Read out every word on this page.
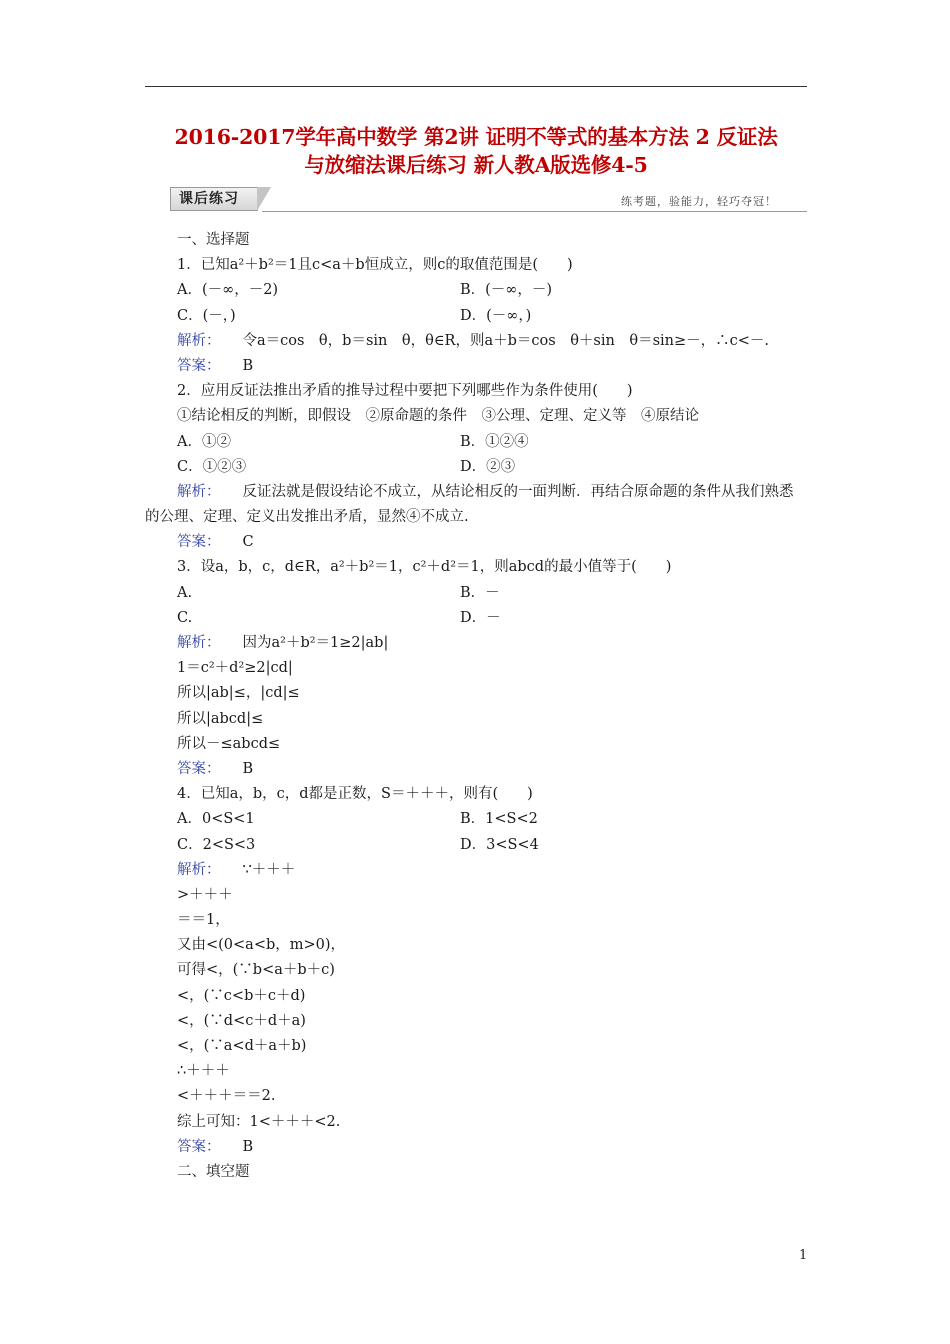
2016-2017学年高中数学 第2讲 证明不等式的基本方法 2 反证法
与放缩法课后练习 新人教A版选修4-5
课后练习	练考题，验能力，轻巧夺冠！
一、选择题
1．已知a²＋b²＝1且c<a＋b恒成立，则c的取值范围是(　　)
A．(－∞，－2)	B．(－∞，－)
C．(－，)	D．(－∞，)
解析： 令a＝cos　θ，b＝sin　θ，θ∈R，则a＋b＝cos　θ＋sin　θ＝sin≥－，∴c<－.
答案： B
2．应用反证法推出矛盾的推导过程中要把下列哪些作为条件使用(　　)
①结论相反的判断，即假设　②原命题的条件　③公理、定理、定义等　④原结论
A．①②	B．①②④
C．①②③	D．②③
解析： 反证法就是假设结论不成立，从结论相反的一面判断．再结合原命题的条件从我们熟悉的公理、定理、定义出发推出矛盾，显然④不成立.
答案： C
3．设a，b，c，d∈R，a²＋b²＝1，c²＋d²＝1，则abcd的最小值等于(　　)
A.	B．－
C.	D．－
解析： 因为a²＋b²＝1≥2|ab|
1＝c²＋d²≥2|cd|
所以|ab|≤，|cd|≤
所以|abcd|≤
所以－≤abcd≤
答案： B
4．已知a，b，c，d都是正数，S＝＋＋＋，则有(　　)
A．0<S<1	B．1<S<2
C．2<S<3	D．3<S<4
解析： ∵＋＋＋
>＋＋＋
＝＝1，
又由<(0<a<b，m>0)，
可得<，(∵b<a＋b＋c)
<，(∵c<b＋c＋d)
<，(∵d<c＋d＋a)
<，(∵a<d＋a＋b)
∴＋＋＋
<＋＋＋＝＝2.
综上可知：1<＋＋＋<2.
答案： B
二、填空题
1
